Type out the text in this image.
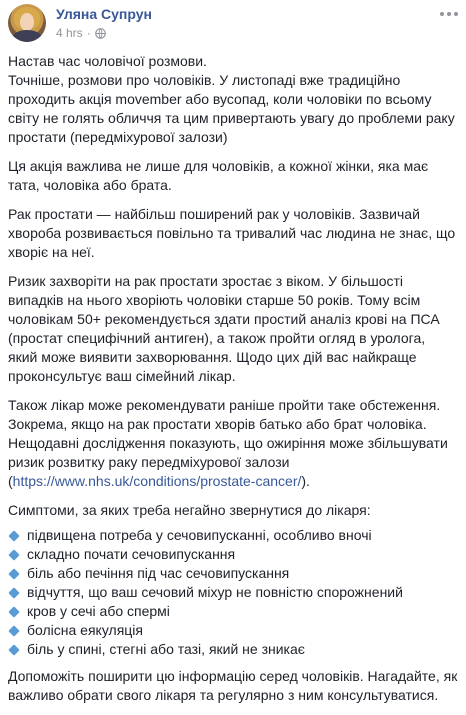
Уляна Супрун
4 hrs ·
Настав час чоловічої розмови.
Точніше, розмови про чоловіків. У листопаді вже традиційно
проходить акція movember або вусопад, коли чоловіки по всьому
світу не голять обличчя та цим привертають увагу до проблеми раку
простати (передміхурової залози)
Ця акція важлива не лише для чоловіків, а кожної жінки, яка має
тата, чоловіка або брата.
Рак простати — найбільш поширений рак у чоловіків. Зазвичай
хвороба розвивається повільно та тривалий час людина не знає, що
хворіє на неї.
Ризик захворіти на рак простати зростає з віком. У більшості
випадків на нього хворіють чоловіки старше 50 років. Тому всім
чоловікам 50+ рекомендується здати простий аналіз крові на ПСА
(простат специфічний антиген), а також пройти огляд в уролога,
який може виявити захворювання. Щодо цих дій вас найкраще
проконсультує ваш сімейний лікар.
Також лікар може рекомендувати раніше пройти таке обстеження.
Зокрема, якщо на рак простати хворів батько або брат чоловіка.
Нещодавні дослідження показують, що ожиріння може збільшувати
ризик розвитку раку передміхурової залози
(https://www.nhs.uk/conditions/prostate-cancer/).
Симптоми, за яких треба негайно звернутися до лікаря:
підвищена потреба у сечовипусканні, особливо вночі
складно почати сечовипускання
біль або печіння під час сечовипускання
відчуття, що ваш сечовий міхур не повністю спорожнений
кров у сечі або спермі
болісна еякуляція
біль у спині, стегні або тазі, який не зникає
Допоможіть поширити цю інформацію серед чоловіків. Нагадайте, як
важливо обрати свого лікаря та регулярно з ним консультуватися.
